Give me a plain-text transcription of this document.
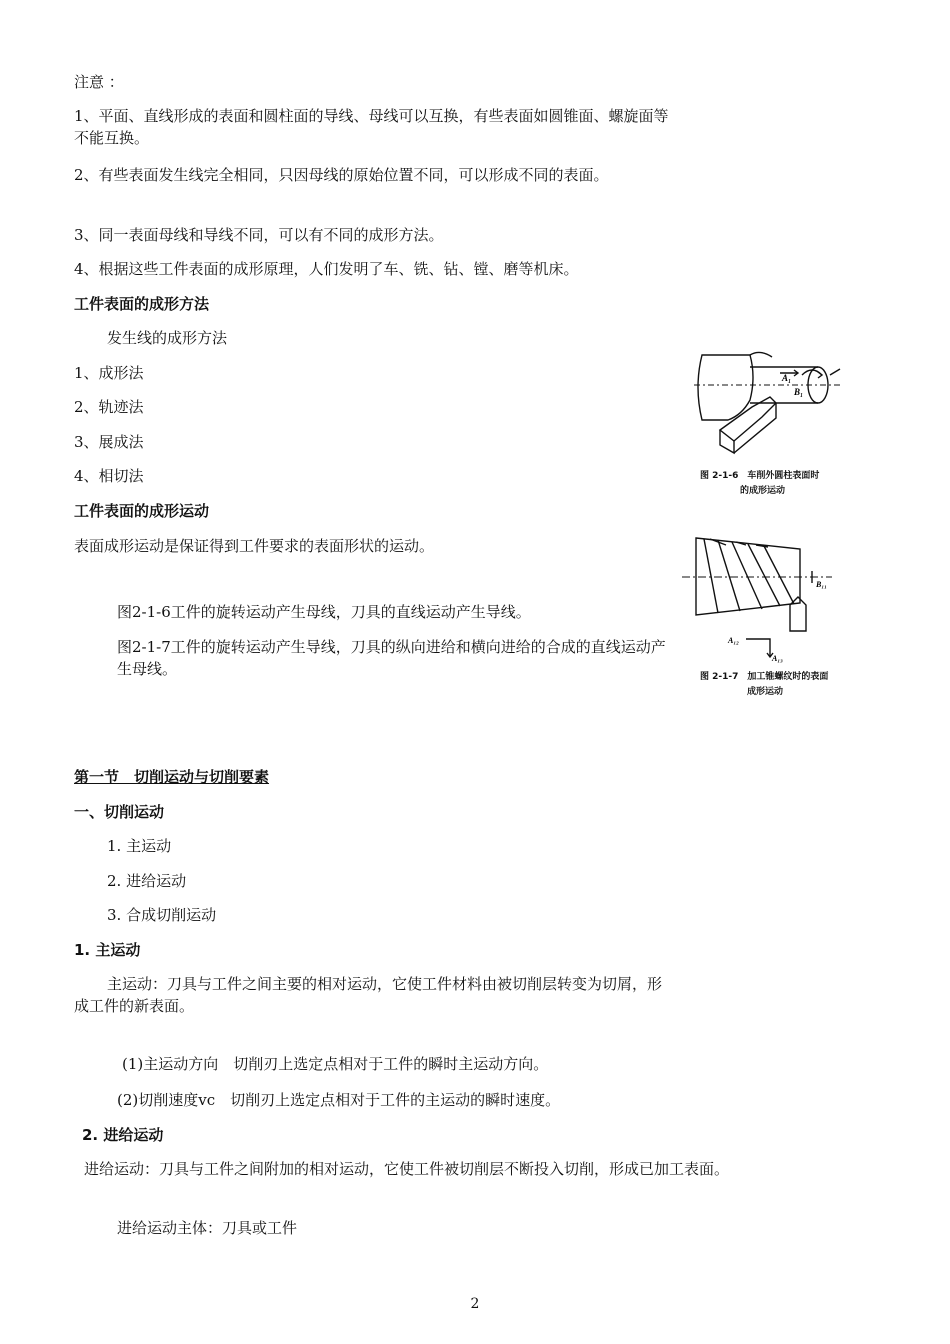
注意 ：
1、平面、直线形成的表面和圆柱面的导线、母线可以互换，有些表面如圆锥面、螺旋面等不能互换。
2、有些表面发生线完全相同，只因母线的原始位置不同，可以形成不同的表面。
3、同一表面母线和导线不同，可以有不同的成形方法。
4、根据这些工件表面的成形原理，人们发明了车、铣、钻、镗、磨等机床。
工件表面的成形方法
发生线的成形方法
1、成形法
2、轨迹法
3、展成法
4、相切法
工件表面的成形运动
表面成形运动是保证得到工件要求的表面形状的运动。
图2-1-6工件的旋转运动产生母线，刀具的直线运动产生导线。
图2-1-7工件的旋转运动产生导线，刀具的纵向进给和横向进给的合成的直线运动产生母线。
A₁
B₁
图 2-1-6　车削外圆柱表面时
的成形运动
B₁₁
A₁₂
A₁₃
图 2-1-7　加工锥螺纹时的表面
成形运动
第一节　切削运动与切削要素
一、切削运动
1. 主运动
2. 进给运动
3. 合成切削运动
1. 主运动
主运动：刀具与工件之间主要的相对运动，它使工件材料由被切削层转变为切屑，形成工件的新表面。
(1)主运动方向　切削刃上选定点相对于工件的瞬时主运动方向。
(2)切削速度vc　切削刃上选定点相对于工件的主运动的瞬时速度。
2. 进给运动
进给运动：刀具与工件之间附加的相对运动，它使工件被切削层不断投入切削，形成已加工表面。
进给运动主体：刀具或工件
2
